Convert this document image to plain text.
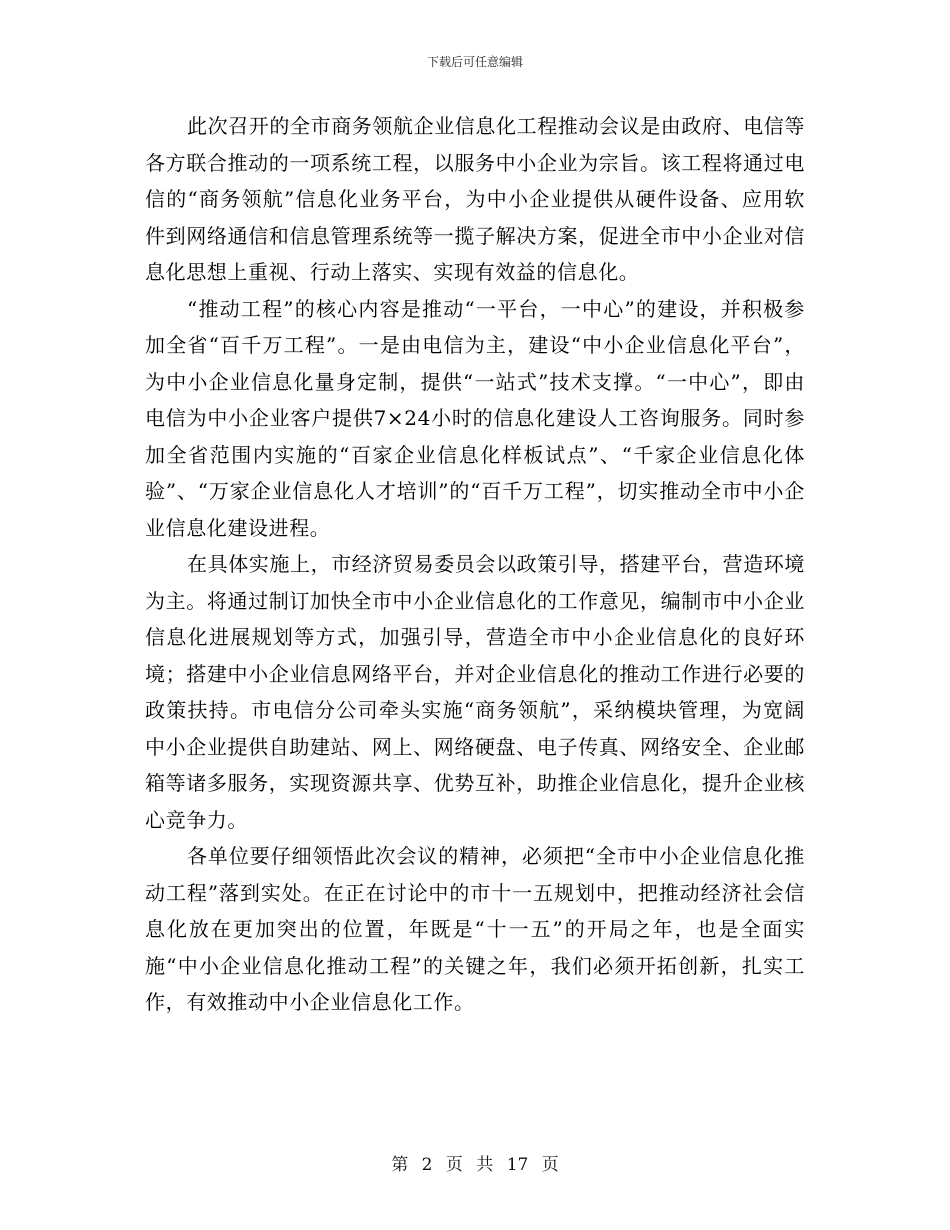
下载后可任意编辑

此次召开的全市商务领航企业信息化工程推动会议是由政府、电信等各方联合推动的一项系统工程，以服务中小企业为宗旨。该工程将通过电信的“商务领航”信息化业务平台，为中小企业提供从硬件设备、应用软件到网络通信和信息管理系统等一揽子解决方案，促进全市中小企业对信息化思想上重视、行动上落实、实现有效益的信息化。

“推动工程”的核心内容是推动“一平台，一中心”的建设，并积极参加全省“百千万工程”。一是由电信为主，建设“中小企业信息化平台”，为中小企业信息化量身定制，提供“一站式”技术支撑。“一中心”，即由电信为中小企业客户提供7×24小时的信息化建设人工咨询服务。同时参加全省范围内实施的“百家企业信息化样板试点”、“千家企业信息化体验”、“万家企业信息化人才培训”的“百千万工程”，切实推动全市中小企业信息化建设进程。

在具体实施上，市经济贸易委员会以政策引导，搭建平台，营造环境为主。将通过制订加快全市中小企业信息化的工作意见，编制市中小企业信息化进展规划等方式，加强引导，营造全市中小企业信息化的良好环境；搭建中小企业信息网络平台，并对企业信息化的推动工作进行必要的政策扶持。市电信分公司牵头实施“商务领航”，采纳模块管理，为宽阔中小企业提供自助建站、网上、网络硬盘、电子传真、网络安全、企业邮箱等诸多服务，实现资源共享、优势互补，助推企业信息化，提升企业核心竞争力。

各单位要仔细领悟此次会议的精神，必须把“全市中小企业信息化推动工程”落到实处。在正在讨论中的市十一五规划中，把推动经济社会信息化放在更加突出的位置，年既是“十一五”的开局之年，也是全面实施“中小企业信息化推动工程”的关键之年，我们必须开拓创新，扎实工作，有效推动中小企业信息化工作。

第 2 页 共 17 页
